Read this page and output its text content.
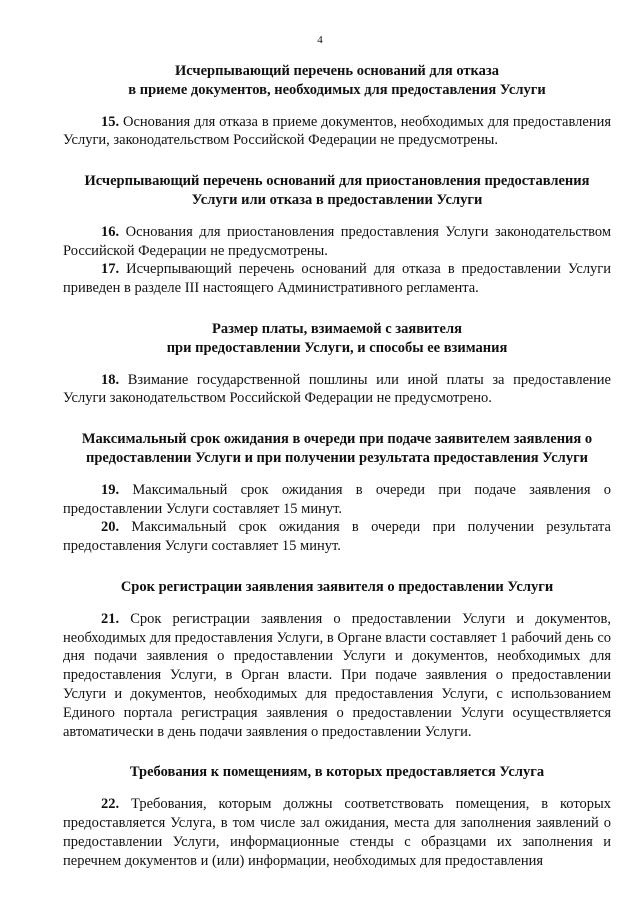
4

Исчерпывающий перечень оснований для отказа
в приеме документов, необходимых для предоставления Услуги

15. Основания для отказа в приеме документов, необходимых для предоставления Услуги, законодательством Российской Федерации не предусмотрены.

Исчерпывающий перечень оснований для приостановления предоставления
Услуги или отказа в предоставлении Услуги

16. Основания для приостановления предоставления Услуги законодательством Российской Федерации не предусмотрены.

17. Исчерпывающий перечень оснований для отказа в предоставлении Услуги приведен в разделе III настоящего Административного регламента.

Размер платы, взимаемой с заявителя
при предоставлении Услуги, и способы ее взимания

18. Взимание государственной пошлины или иной платы за предоставление Услуги законодательством Российской Федерации не предусмотрено.

Максимальный срок ожидания в очереди при подаче заявителем заявления о
предоставлении Услуги и при получении результата предоставления Услуги

19. Максимальный срок ожидания в очереди при подаче заявления о предоставлении Услуги составляет 15 минут.

20. Максимальный срок ожидания в очереди при получении результата предоставления Услуги составляет 15 минут.

Срок регистрации заявления заявителя о предоставлении Услуги

21. Срок регистрации заявления о предоставлении Услуги и документов, необходимых для предоставления Услуги, в Органе власти составляет 1 рабочий день со дня подачи заявления о предоставлении Услуги и документов, необходимых для предоставления Услуги, в Орган власти. При подаче заявления о предоставлении Услуги и документов, необходимых для предоставления Услуги, с использованием Единого портала регистрация заявления о предоставлении Услуги осуществляется автоматически в день подачи заявления о предоставлении Услуги.

Требования к помещениям, в которых предоставляется Услуга

22. Требования, которым должны соответствовать помещения, в которых предоставляется Услуга, в том числе зал ожидания, места для заполнения заявлений о предоставлении Услуги, информационные стенды с образцами их заполнения и перечнем документов и (или) информации, необходимых для предоставления
